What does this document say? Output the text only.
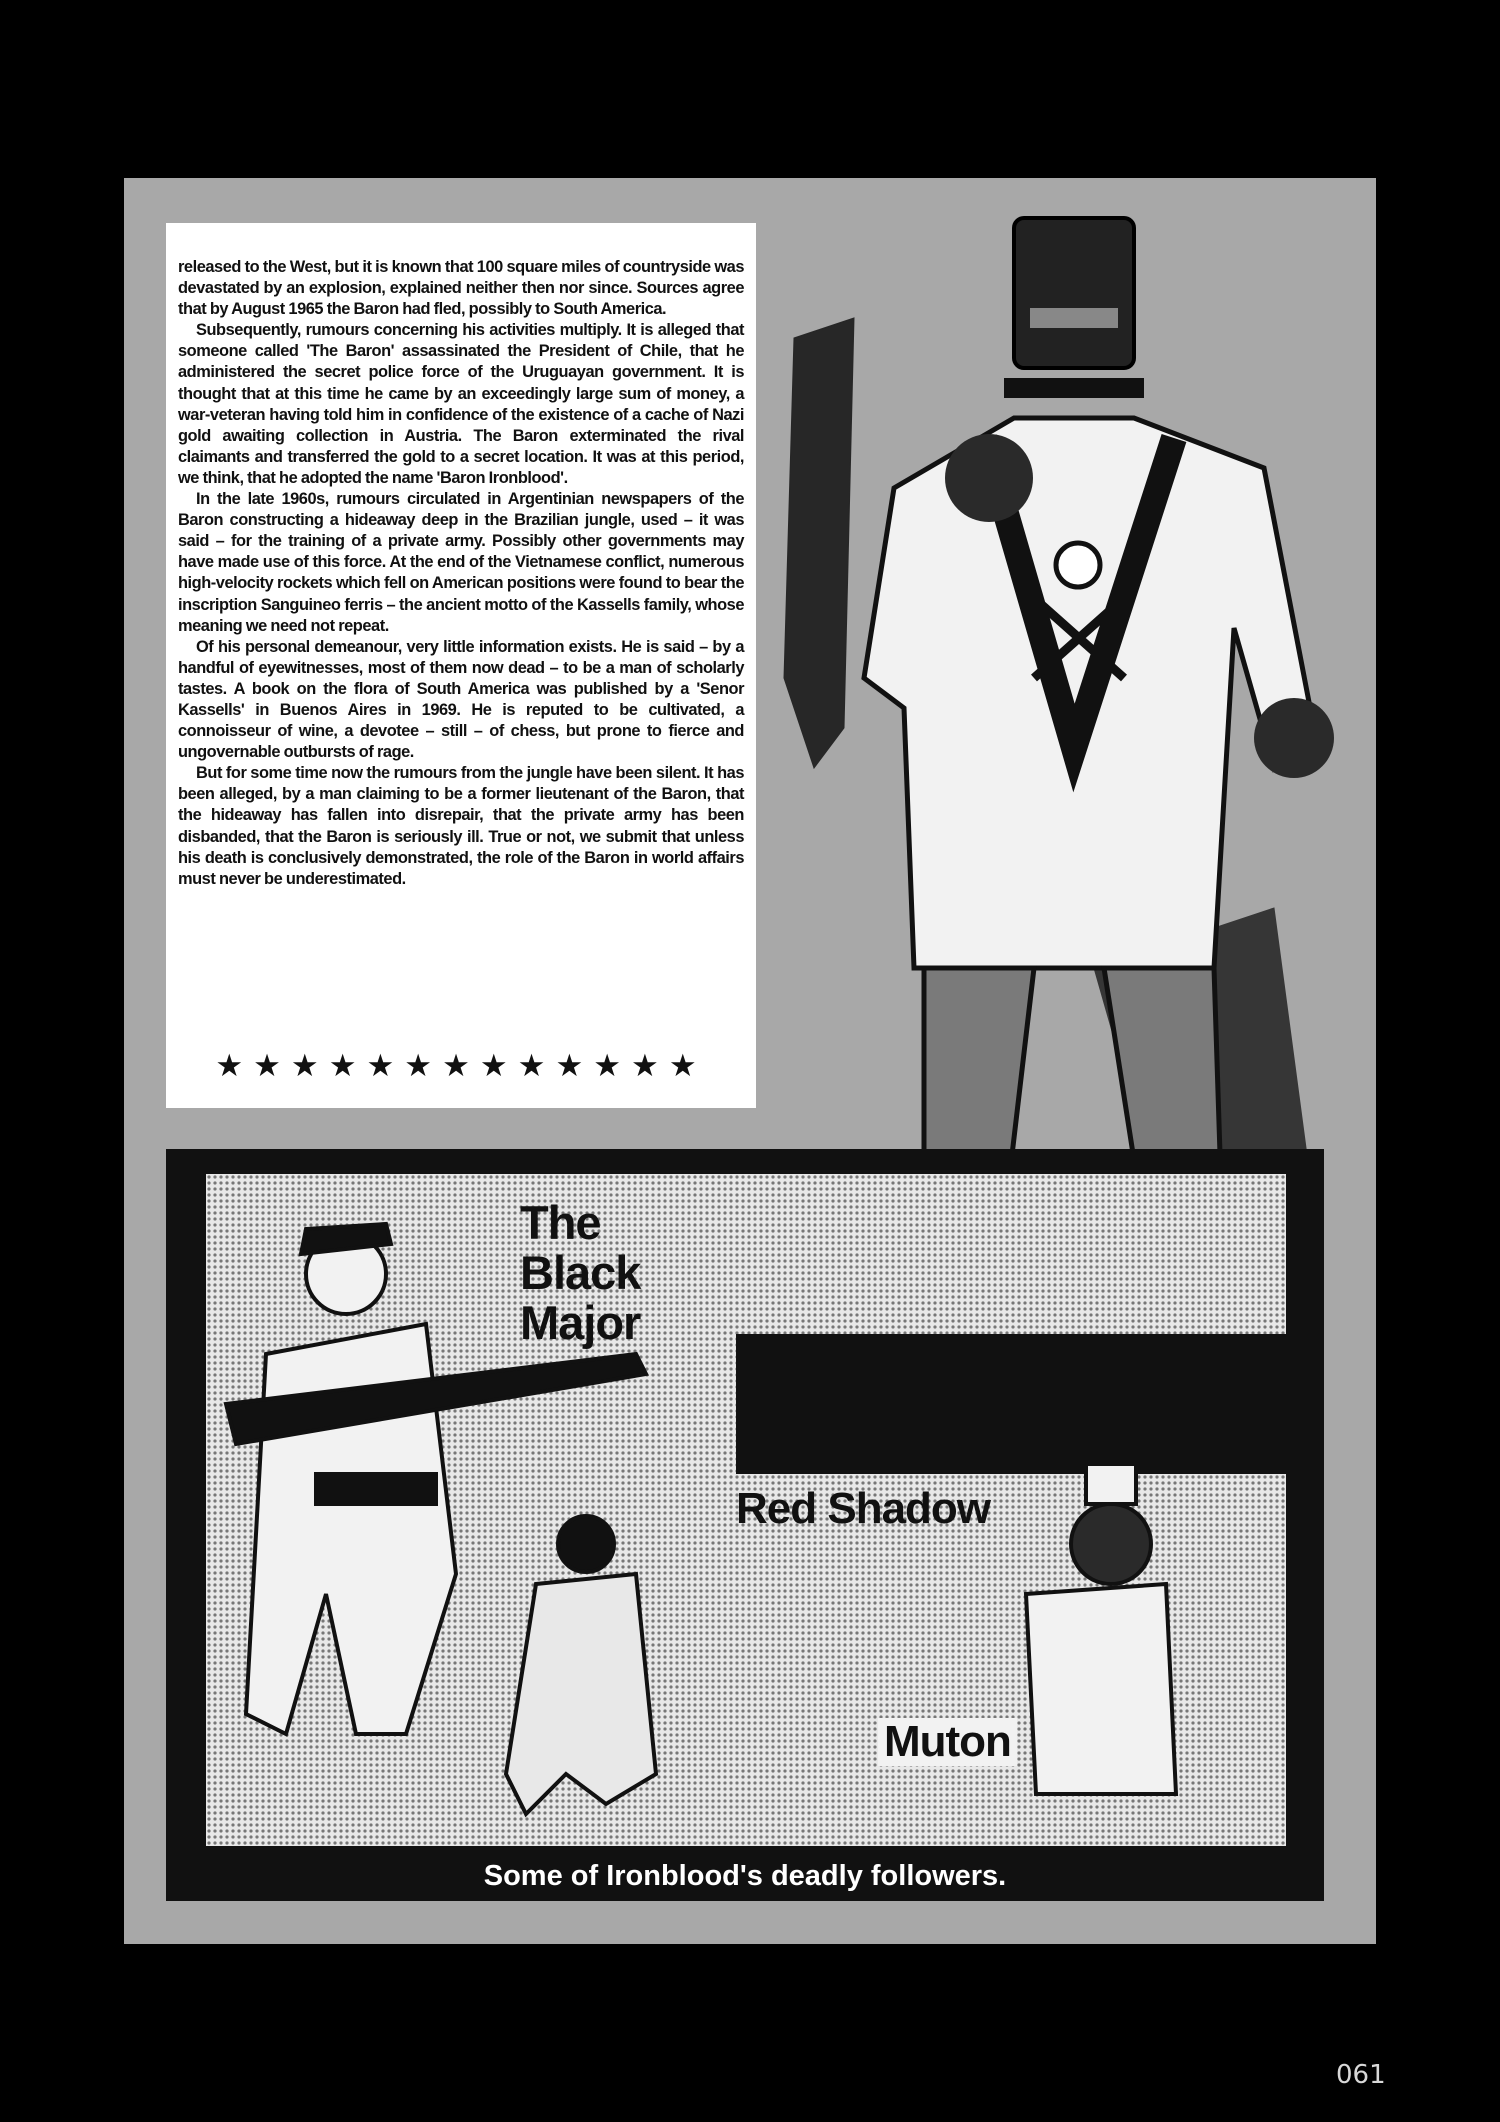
released to the West, but it is known that 100 square miles of countryside was devastated by an explosion, explained neither then nor since. Sources agree that by August 1965 the Baron had fled, possibly to South America.

Subsequently, rumours concerning his activities multiply. It is alleged that someone called 'The Baron' assassinated the President of Chile, that he administered the secret police force of the Uruguayan government. It is thought that at this time he came by an exceedingly large sum of money, a war-veteran having told him in confidence of the existence of a cache of Nazi gold awaiting collection in Austria. The Baron exterminated the rival claimants and transferred the gold to a secret location. It was at this period, we think, that he adopted the name 'Baron Ironblood'.

In the late 1960s, rumours circulated in Argentinian newspapers of the Baron constructing a hideaway deep in the Brazilian jungle, used – it was said – for the training of a private army. Possibly other governments may have made use of this force. At the end of the Vietnamese conflict, numerous high-velocity rockets which fell on American positions were found to bear the inscription Sanguineo ferris – the ancient motto of the Kassells family, whose meaning we need not repeat.

Of his personal demeanour, very little information exists. He is said – by a handful of eyewitnesses, most of them now dead – to be a man of scholarly tastes. A book on the flora of South America was published by a 'Senor Kassells' in Buenos Aires in 1969. He is reputed to be cultivated, a connoisseur of wine, a devotee – still – of chess, but prone to fierce and ungovernable outbursts of rage.

But for some time now the rumours from the jungle have been silent. It has been alleged, by a man claiming to be a former lieutenant of the Baron, that the hideaway has fallen into disrepair, that the private army has been disbanded, that the Baron is seriously ill. True or not, we submit that unless his death is conclusively demonstrated, the role of the Baron in world affairs must never be underestimated.

★★★★★★★★★★★★★
The Black Major
Red Shadow
Muton
Some of Ironblood's deadly followers.
061
